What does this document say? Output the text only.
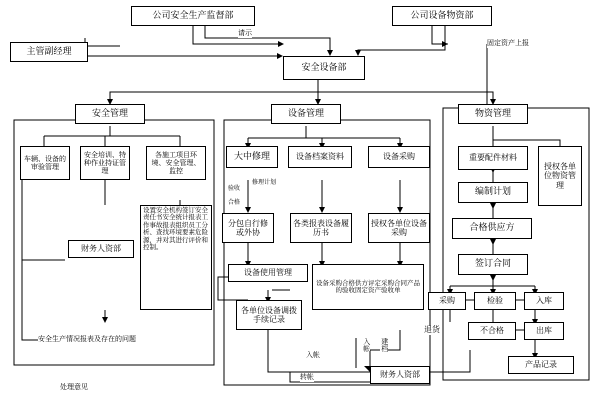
公司安全生产监督部	公司设备物资部
主管副经理
安全设备部
请示
固定资产上报
安全管理	设备管理	物资管理
车辆、设备的审验管理
安全培训、特种作业持证管理
各施工项目环境、安全管理、监控
设置安全机构签订安全责任书安全统计报表工作事故报表组织员工分析、查找环境要素危险源，并对其进行评价和控制。
财务人资部
安全生产情况报表及存在的问题
处理意见
大中修理	设备档案资料	设备采购
验收
修理计划
合格
分包自行修或外协
各类报表设备履历书
授权各单位设备采购
设备使用管理
各单位设备调拨手续记录
设备采购合格供方评定采购合同产品的验收固定资产验收单
入帐
入帐 建档
转帐	财务人资部
重要配件材料
授权各单位物资管理
编制计划
合格供应方
签订合同
采购	检验	入库
不合格	出库
退货
产品记录
